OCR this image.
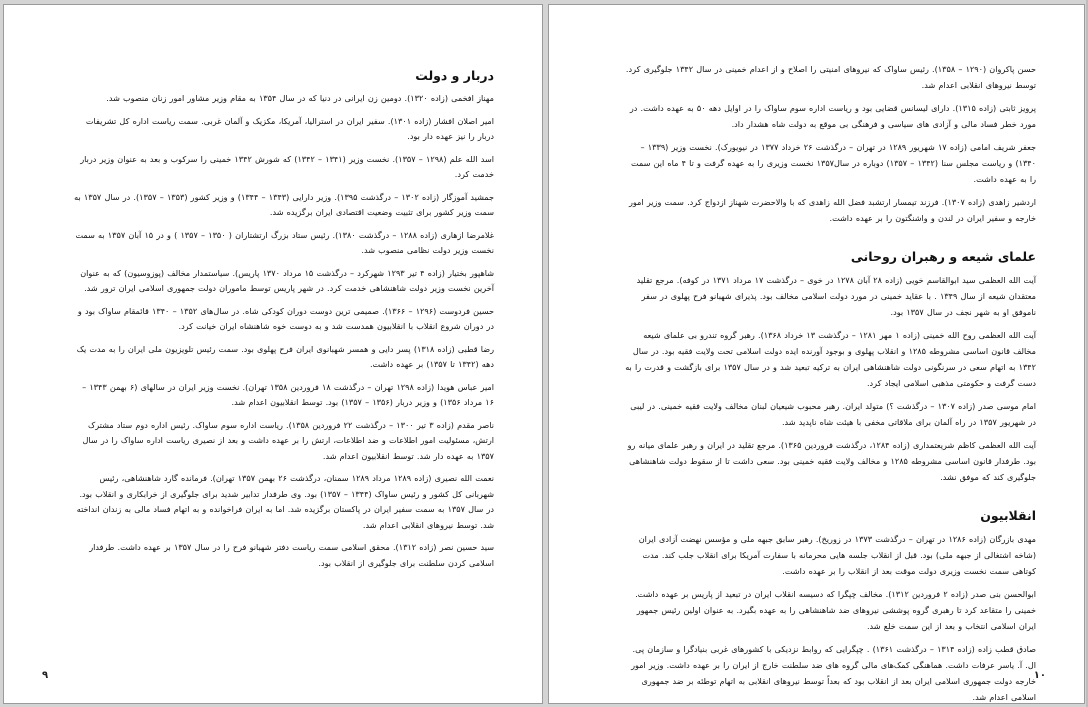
دربار و دولت

مهناز افخمی (زاده ۱۳۲۰). دومین زن ایرانی در دنیا که در سال ۱۳۵۴ به مقام وزیر مشاور امور زنان منصوب شد.

امیر اصلان افشار (زاده ۱۳۰۱). سفیر ایران در استرالیا، آمریکا، مکزیک و آلمان غربی. سمت ریاست اداره کل تشریفات دربار را نیز عهده دار بود.

اسد الله علم (۱۲۹۸ – ۱۳۵۷). نخست وزیر (۱۳۴۱ – ۱۳۴۲) که شورش ۱۳۴۲ خمینی را سرکوب و بعد به عنوان وزیر دربار خدمت کرد.

جمشید آموزگار (زاده ۱۳۰۲ – درگذشت ۱۳۹۵). وزیر دارایی (۱۳۴۳ – ۱۳۴۴) و وزیر کشور (۱۳۵۳ – ۱۳۵۷). در سال ۱۳۵۷ به سمت وزیر کشور برای تثبیت وضعیت اقتصادی ایران برگزیده شد.

غلامرضا ازهاری (زاده ۱۲۸۸ – درگذشت ۱۳۸۰). رئیس ستاد بزرگ ارتشتاران ( ۱۳۵۰ – ۱۳۵۷ ) و در ۱۵ آبان ۱۳۵۷ به سمت نخست وزیر دولت نظامی منصوب شد.

شاهپور بختیار (زاده ۴ تیر ۱۲۹۳ شهرکرد – درگذشت ۱۵ مرداد ۱۳۷۰ پاریس). سیاستمدار مخالف (پوزوسیون) که به عنوان آخرین نخست وزیر دولت شاهنشاهی خدمت کرد. در شهر پاریس توسط ماموران دولت جمهوری اسلامی ایران ترور شد.

حسین فردوست (۱۲۹۶ – ۱۳۶۶). صمیمی ترین دوست دوران کودکی شاه. در سال‌های ۱۳۵۲ – ۱۳۴۰ قائمقام ساواک بود و در دوران شروع انقلاب با انقلابیون همدست شد و به دوست خوه شاهنشاه ایران خیانت کرد.

رضا قطبی (زاده ۱۳۱۸) پسر دایی و همسر شهبانوی ایران فرح پهلوی بود. سمت رئیس تلویزیون ملی ایران را به مدت یک دهه (۱۳۴۲ تا ۱۳۵۷) بر عهده داشت.

امیر عباس هویدا (زاده ۱۲۹۸ تهران – درگذشت ۱۸ فروردین ۱۳۵۸ تهران). نخست وزیر ایران در سالهای (۶ بهمن ۱۳۴۳ – ۱۶ مرداد ۱۳۵۶) و وزیر دربار (۱۳۵۶ – ۱۳۵۷) بود. توسط انقلابیون اعدام شد.

ناصر مقدم (زاده ۳ تیر ۱۳۰۰ – درگذشت ۲۲ فروردین ۱۳۵۸). ریاست اداره سوم ساواک. رئیس اداره دوم ستاد مشترک ارتش، مسئولیت امور اطلاعات و ضد اطلاعات، ارتش را بر عهده داشت و بعد از نصیری ریاست اداره ساواک را در سال ۱۳۵۷ به عهده دار شد. توسط انقلابیون اعدام شد.

نعمت الله نصیری (زاده ۱۲۸۹ مرداد ۱۲۸۹ سمنان، درگذشت ۲۶ بهمن ۱۳۵۷ تهران). فرمانده گارد شاهنشاهی، رئیس شهربانی کل کشور و رئیس ساواک (۱۳۴۴ – ۱۳۵۷) بود. وی طرفدار تدابیر شدید برای جلوگیری از خرابکاری و انقلاب بود. در سال ۱۳۵۷ به سمت سفیر ایران در پاکستان برگزیده شد. اما به ایران فراخوانده و به اتهام فساد مالی به زندان انداخته شد. توسط نیروهای انقلابی اعدام شد.

سید حسین نصر (زاده ۱۳۱۲). محقق اسلامی سمت ریاست دفتر شهبانو فرح را در سال ۱۳۵۷ بر عهده داشت. طرفدار اسلامی کردن سلطنت برای جلوگیری از انقلاب بود.

۹

حسن پاکروان (۱۲۹۰ – ۱۳۵۸). رئیس ساواک که نیروهای امنیتی را اصلاح و از اعدام خمینی در سال ۱۳۴۲ جلوگیری کرد. توسط نیروهای انقلابی اعدام شد.

پرویز ثابتی (زاده ۱۳۱۵). دارای لیسانس قضایی بود و ریاست اداره سوم ساواک را در اوایل دهه ۵۰ به عهده داشت. در مورد خطر فساد مالی و آزادی های سیاسی و فرهنگی بی موقع به دولت شاه هشدار داد.

جعفر شریف امامی (زاده ۱۷ شهریور ۱۲۸۹ در تهران – درگذشت ۲۶ خرداد ۱۳۷۷ در نیویورک). نخست وزیر (۱۳۳۹ – ۱۳۴۰) و ریاست مجلس سنا (۱۳۴۲ – ۱۳۵۷) دوباره در سال۱۳۵۷ نخست وزیری را به عهده گرفت و تا ۴ ماه این سمت را به عهده داشت.

اردشیر زاهدی (زاده ۱۳۰۷). فرزند تیمسار ارتشبد فضل الله زاهدی که با والاحضرت شهناز ازدواج کرد. سمت وزیر امور خارجه و سفیر ایران در لندن و واشنگتون را بر عهده داشت.

علمای شیعه و رهبران روحانی

آیت الله العظمی سید ابوالقاسم خویی (زاده ۲۸ آبان ۱۲۷۸ در خوی – درگذشت ۱۷ مرداد ۱۳۷۱ در کوفه). مرجع تقلید معتقدان شیعه از سال ۱۳۴۹ . با عقاید خمینی در مورد دولت اسلامی مخالف بود. پذیرای شهبانو فرح پهلوی در سفر ناموفق او به شهر نجف در سال ۱۳۵۷ بود.

آیت الله العظمی روح الله خمینی (زاده ۱ مهر ۱۲۸۱ – درگذشت ۱۳ خرداد ۱۳۶۸). رهبر گروه تندرو بی علمای شیعه مخالف قانون اساسی مشروطه ۱۲۸۵ و انقلاب پهلوی و بوجود آورنده ایده دولت اسلامی تحت ولایت فقیه بود. در سال ۱۳۴۲ به اتهام سعی در سرنگونی دولت شاهنشاهی ایران به ترکیه تبعید شد و در سال ۱۳۵۷ برای بازگشت و قدرت را به دست گرفت و حکومتی مذهبی اسلامی ایجاد کرد.

امام موسی صدر (زاده ۱۳۰۷ – درگذشت ؟) متولد ایران. رهبر محبوب شیعیان لبنان مخالف ولایت فقیه خمینی. در لیبی در شهریور ۱۳۵۷ در راه آلمان برای ملاقاتی مخفی با هیئت شاه ناپدید شد.

آیت الله العظمی کاظم شریعتمداری (زاده ۱۲۸۴، درگذشت فروردین ۱۳۶۵). مرجع تقلید در ایران و رهبر علمای میانه رو بود. طرفدار قانون اساسی مشروطه ۱۲۸۵ و مخالف ولایت فقیه خمینی بود. سعی داشت تا از سقوط دولت شاهنشاهی جلوگیری کند که موفق نشد.

انقلابیون

مهدی بازرگان (زاده ۱۲۸۶ در تهران – درگذشت ۱۳۷۳ در زوریخ). رهبر سابق جبهه ملی و مؤسس نهضت آزادی ایران (شاخه اشتغالی از جبهه ملی) بود. قبل از انقلاب جلسه هایی محرمانه با سفارت آمریکا برای انقلاب جلب کند. مدت کوتاهی سمت نخست وزیری دولت موقت بعد از انقلاب را بر عهده داشت.

ابوالحسن بنی صدر (زاده ۲ فروردین ۱۳۱۲). مخالف چپگرا که دسیسه انقلاب ایران در تبعید از پاریس بر عهده داشت. خمینی را متقاعد کرد تا رهبری گروه پوششی نیروهای ضد شاهنشاهی را به عهده بگیرد. به عنوان اولین رئیس جمهور ایران اسلامی انتخاب و بعد از این سمت خلع شد.

صادق قطب زاده (زاده ۱۳۱۴ – درگذشت ۱۳۶۱) . چپگرایی که روابط نزدیکی با کشورهای غربی بنیادگرا و سازمان پی. ال. آ. یاسر عرفات داشت. هماهنگی کمک‌های مالی گروه های ضد سلطنت خارج از ایران را بر عهده داشت. وزیر امور خارجه دولت جمهوری اسلامی ایران بعد از انقلاب بود که بعداً توسط نیروهای انقلابی به اتهام توطئه بر ضد جمهوری اسلامی اعدام شد.

۱۰
